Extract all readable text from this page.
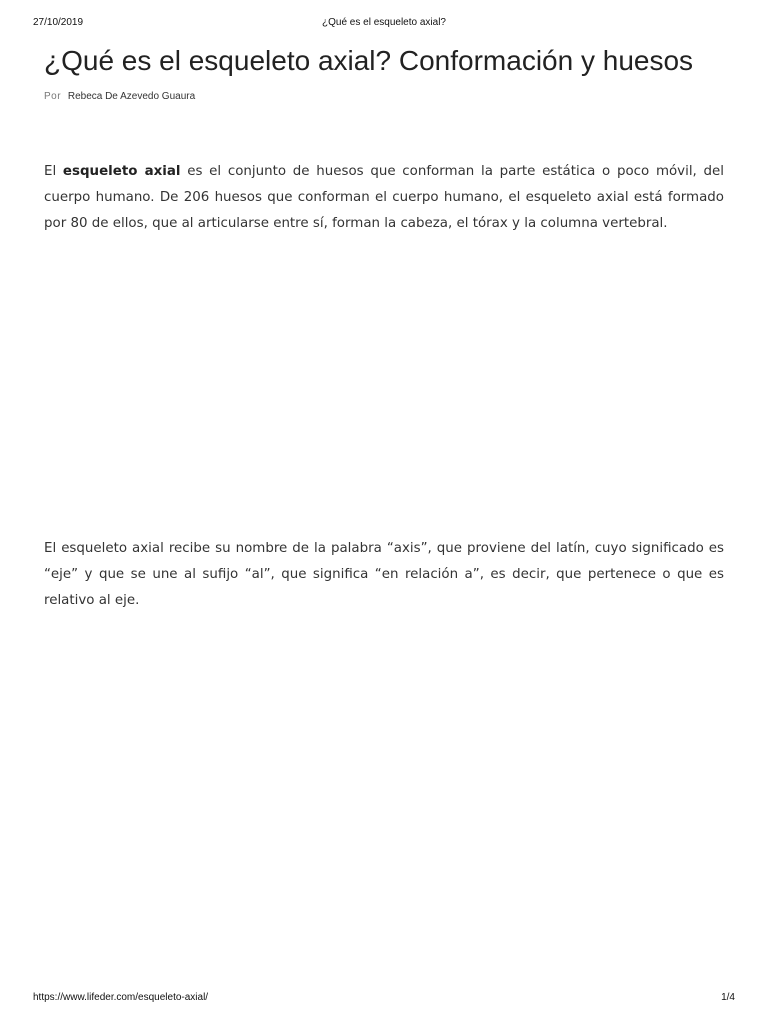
27/10/2019	¿Qué es el esqueleto axial?
¿Qué es el esqueleto axial? Conformación y huesos
Por Rebeca De Azevedo Guaura

El esqueleto axial es el conjunto de huesos que conforman la parte estática o poco móvil, del cuerpo humano. De 206 huesos que conforman el cuerpo humano, el esqueleto axial está formado por 80 de ellos, que al articularse entre sí, forman la cabeza, el tórax y la columna vertebral.

El esqueleto axial recibe su nombre de la palabra “axis”, que proviene del latín, cuyo significado es “eje” y que se une al sufijo “al”, que significa “en relación a”, es decir, que pertenece o que es relativo al eje.

https://www.lifeder.com/esqueleto-axial/	1/4
